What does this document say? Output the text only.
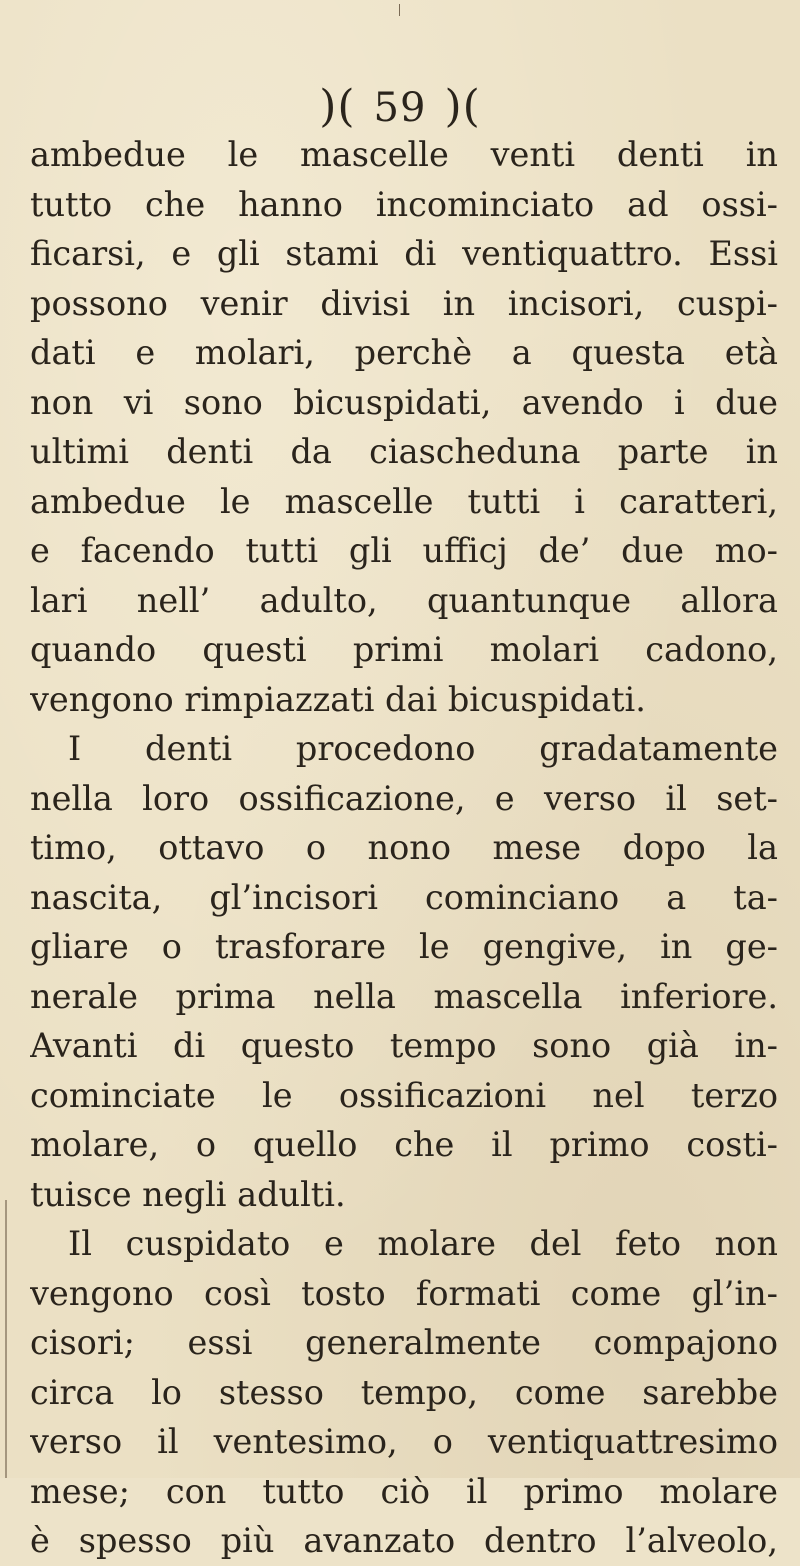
)( 59 )(
ambedue le mascelle venti denti in
tutto che hanno incominciato ad ossi-
ficarsi, e gli stami di ventiquattro. Essi
possono venir divisi in incisori, cuspi-
dati e molari, perchè a questa età
non vi sono bicuspidati, avendo i due
ultimi denti da ciascheduna parte in
ambedue le mascelle tutti i caratteri,
e facendo tutti gli ufficj de’ due mo-
lari nell’ adulto, quantunque allora
quando questi primi molari cadono,
vengono rimpiazzati dai bicuspidati.
I denti procedono gradatamente
nella loro ossificazione, e verso il set-
timo, ottavo o nono mese dopo la
nascita, gl’incisori cominciano a ta-
gliare o trasforare le gengive, in ge-
nerale prima nella mascella inferiore.
Avanti di questo tempo sono già in-
cominciate le ossificazioni nel terzo
molare, o quello che il primo costi-
tuisce negli adulti.
Il cuspidato e molare del feto non
vengono così tosto formati come gl’in-
cisori; essi generalmente compajono
circa lo stesso tempo, come sarebbe
verso il ventesimo, o ventiquattresimo
mese; con tutto ciò il primo molare
è spesso più avanzato dentro l’alveolo,
